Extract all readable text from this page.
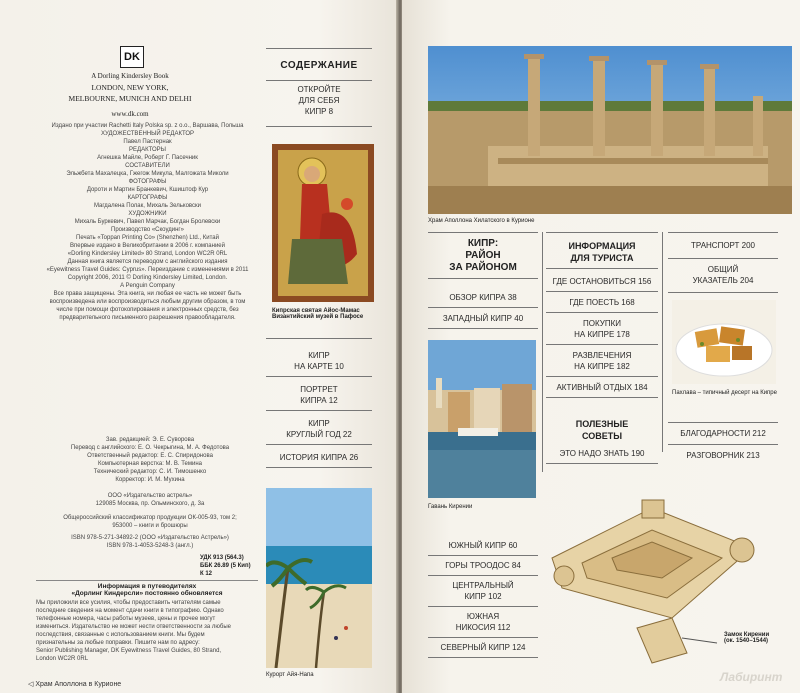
DK
A Dorling Kindersley Book
LONDON, NEW YORK,
MELBOURNE, MUNICH AND DELHI
www.dk.com
Издано при участии Rachetti Italy Polska sp. z o.o., Варшава, Польша
ХУДОЖЕСТВЕННЫЙ РЕДАКТОР
Павел Пастернак
РЕДАКТОРЫ
Агнешка Майле, Роберт Г. Пасечник
СОСТАВИТЕЛИ
Эльжбета Махалецка, Гжегож Микула, Малгожата Миколи
ФОТОГРАФЫ
Дороти и Мартин Бранкевич, Кшиштоф Кур
КАРТОГРАФЫ
Магдалена Полак, Михаль Зельковски
ХУДОЖНИКИ
Михаль Буркевич, Павел Марчак, Богдан Бролевски
Производство «Скоудинг»
Печать «Toppan Printing Co» (Shenzhen) Ltd., Китай
Впервые издано в Великобритании в 2006 г. компанией
«Dorling Kindersley Limited» 80 Strand, London WC2R 0RL
Данная книга является переводом с английского издания
«Eyewitness Travel Guides: Cyprus». Переиздание с изменениями в 2011
Copyright 2006, 2011 © Dorling Kindersley Limited, London.
A Penguin Company
Все права защищены. Эта книга, ни любая ее часть не может быть
воспроизведена или воспроизводиться любым другим образом, в том
числе при помощи фотокопирования и электронных средств, без
предварительного письменного разрешения правообладателя.
Зав. редакцией: Э. Е. Суворова
Перевод с английского: Е. О. Чекрыгина, М. А. Федотова
Ответственный редактор: Е. С. Спиридонова
Компьютерная верстка: М. В. Темина
Технический редактор: С. И. Тимошенко
Корректор: И. М. Мухина
ООО «Издательство астрель»
129085 Москва, пр. Ольминского, д. 3а
Общероссийский классификатор продукции ОК-005-93, том 2;
953000 – книги и брошюры
ISBN 978-5-271-34892-2 (ООО «Издательство Астрель»)
ISBN 978-1-4053-5248-3 (англ.)
УДК 913 (564.3)
ББК 26.89 (5 Кип)
К 12
Информация в путеводителях
«Дорлинг Киндерсли» постоянно обновляется
Мы приложили все усилия, чтобы предоставить читателям самые
последние сведения на момент сдачи книги в типографию. Однако
телефонные номера, часы работы музеев, цены и прочее могут
измениться. Издательство не может нести ответственности за любые
последствия, связанные с использованием книги. Мы будем
признательны за любые поправки. Пишите нам по адресу:
Senior Publishing Manager, DK Eyewitness Travel Guides, 80 Strand,
London WC2R 0RL
◁ Храм Аполлона в Курионе
СОДЕРЖАНИЕ
ОТКРОЙТЕ
ДЛЯ СЕБЯ
КИПР 8
Кипрская святая Айос-Мамас
Византийский музей в Пафосе
Курорт Айя-Напа
КИПР
НА КАРТЕ 10
ПОРТРЕТ
КИПРА 12
КИПР
КРУГЛЫЙ ГОД 22
ИСТОРИЯ КИПРА 26
Храм Аполлона Хилатского в Курионе
КИПР:
РАЙОН
ЗА РАЙОНОМ
Гавань Кирении
ИНФОРМАЦИЯ
ДЛЯ ТУРИСТА
Замок Кирении
(ок. 1540–1544)
ТРАНСПОРТ 200
ОБЩИЙ
УКАЗАТЕЛЬ 204
Пахлава – типичный десерт на Кипре
БЛАГОДАРНОСТИ 212
РАЗГОВОРНИК 213
Лабиринт
ОБЗОР КИПРА 38
ЗАПАДНЫЙ КИПР 40
ЮЖНЫЙ КИПР 60
ГОРЫ ТРООДОС 84
ЦЕНТРАЛЬНЫЙ
КИПР 102
ЮЖНАЯ
НИКОСИЯ 112
СЕВЕРНЫЙ КИПР 124
ГДЕ ОСТАНОВИТЬСЯ 156
ГДЕ ПОЕСТЬ 168
ПОКУПКИ
НА КИПРЕ 178
РАЗВЛЕЧЕНИЯ
НА КИПРЕ 182
АКТИВНЫЙ ОТДЫХ 184
ПОЛЕЗНЫЕ
СОВЕТЫ
ЭТО НАДО ЗНАТЬ 190
